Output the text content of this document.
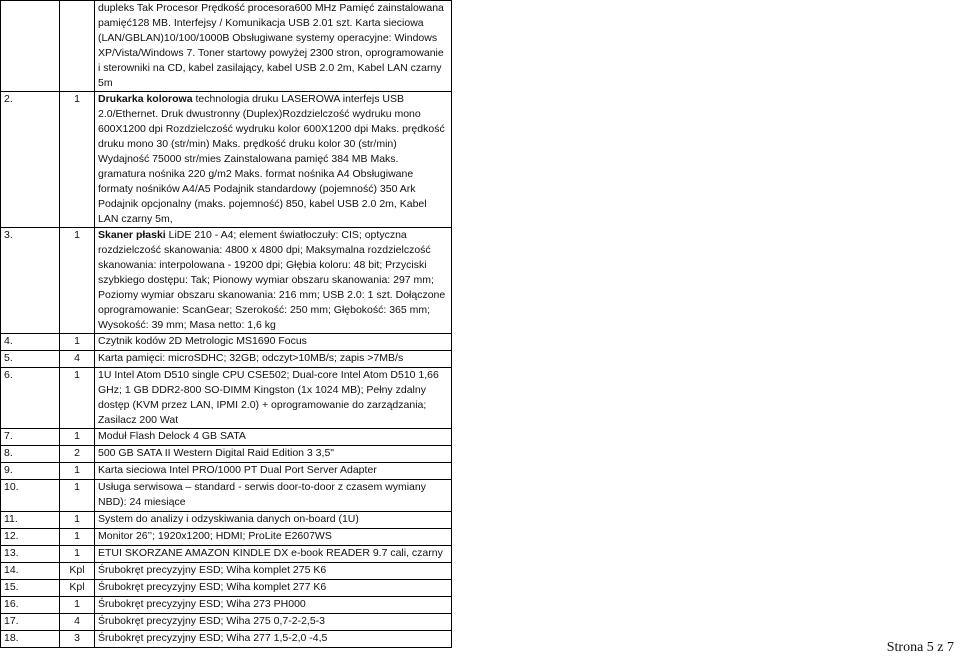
		dupleks Tak Procesor Prędkość procesora600 MHz Pamięć zainstalowana pamięć128 MB. Interfejsy / Komunikacja USB 2.01 szt. Karta sieciowa (LAN/GBLAN)10/100/1000B Obsługiwane systemy operacyjne: Windows XP/Vista/Windows 7. Toner startowy powyżej 2300 stron, oprogramowanie i sterowniki na CD, kabel zasilający, kabel USB 2.0 2m, Kabel LAN czarny 5m
2.	1	Drukarka kolorowa technologia druku LASEROWA interfejs USB 2.0/Ethernet. Druk dwustronny (Duplex)Rozdzielczość wydruku mono 600X1200 dpi Rozdzielczość wydruku kolor 600X1200 dpi Maks. prędkość druku mono 30 (str/min) Maks. prędkość druku kolor 30 (str/min) Wydajność 75000 str/mies Zainstalowana pamięć 384 MB Maks. gramatura nośnika 220 g/m2 Maks. format nośnika A4 Obsługiwane formaty nośników A4/A5 Podajnik standardowy (pojemność) 350 Ark Podajnik opcjonalny (maks. pojemność) 850, kabel USB 2.0 2m, Kabel LAN czarny 5m,
3.	1	Skaner płaski LiDE 210 - A4; element światłoczuły: CIS; optyczna rozdzielczość skanowania: 4800 x 4800 dpi; Maksymalna rozdzielczość skanowania: interpolowana - 19200 dpi; Głębia koloru: 48 bit; Przyciski szybkiego dostępu: Tak; Pionowy wymiar obszaru skanowania: 297 mm; Poziomy wymiar obszaru skanowania: 216 mm; USB 2.0: 1 szt. Dołączone oprogramowanie: ScanGear; Szerokość: 250 mm; Głębokość: 365 mm; Wysokość: 39 mm; Masa netto: 1,6 kg
4.	1	Czytnik kodów 2D Metrologic MS1690 Focus
5.	4	Karta pamięci: microSDHC; 32GB; odczyt>10MB/s; zapis >7MB/s
6.	1	1U Intel Atom D510 single CPU CSE502; Dual-core Intel Atom D510 1,66 GHz; 1 GB DDR2-800 SO-DIMM Kingston (1x 1024 MB); Pełny zdalny dostęp (KVM przez LAN, IPMI 2.0) + oprogramowanie do zarządzania; Zasilacz 200 Wat
7.	1	Moduł Flash Delock 4 GB SATA
8.	2	500 GB SATA II Western Digital Raid Edition 3 3,5"
9.	1	Karta sieciowa Intel PRO/1000 PT Dual Port Server Adapter
10.	1	Usługa serwisowa – standard - serwis door-to-door z czasem wymiany NBD): 24 miesiące
11.	1	System do analizy i odzyskiwania danych on-board (1U)
12.	1	Monitor 26’’; 1920x1200; HDMI; ProLite E2607WS
13.	1	ETUI SKORZANE AMAZON KINDLE DX e-book READER 9.7 cali, czarny
14.	Kpl	Śrubokręt precyzyjny ESD; Wiha komplet 275 K6
15.	Kpl	Śrubokręt precyzyjny ESD; Wiha komplet 277 K6
16.	1	Śrubokręt precyzyjny ESD; Wiha 273 PH000
17.	4	Śrubokręt precyzyjny ESD; Wiha 275 0,7-2-2,5-3
18.	3	Śrubokręt precyzyjny ESD; Wiha 277 1,5-2,0 -4,5
Strona 5 z 7
